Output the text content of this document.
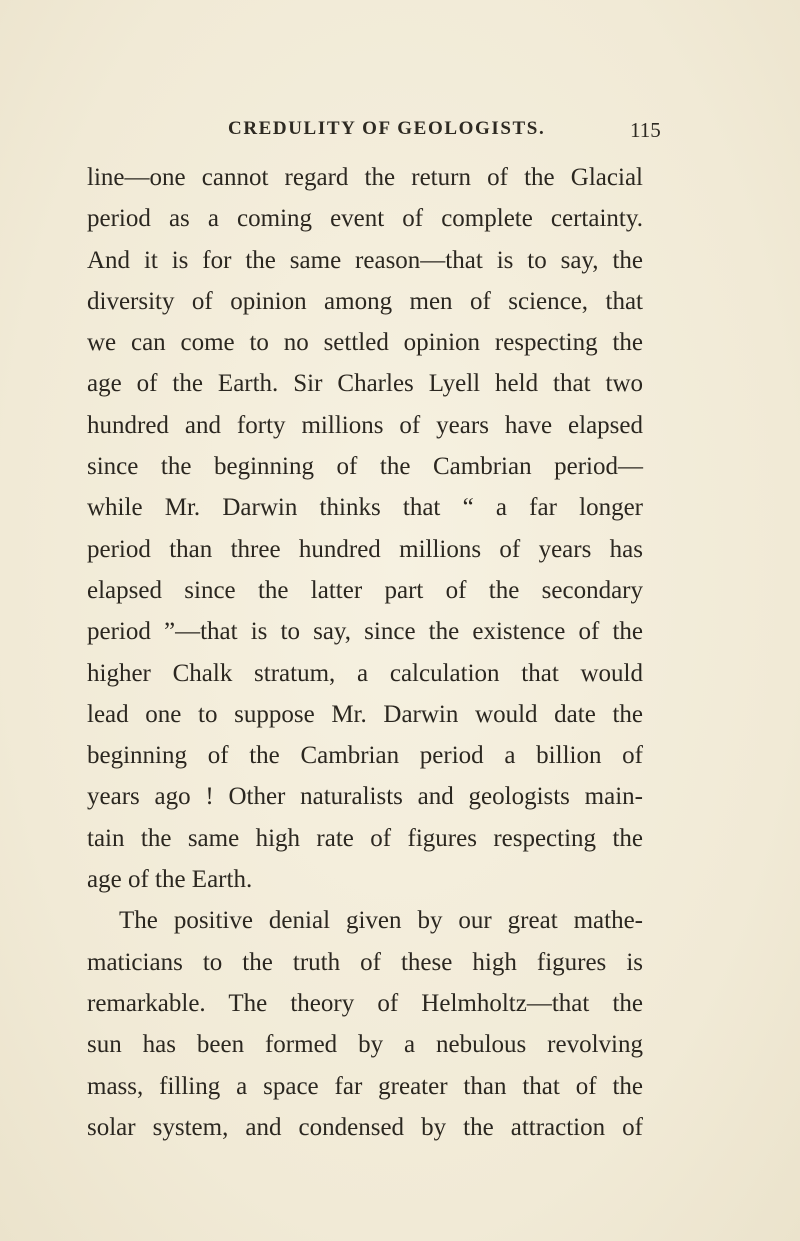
CREDULITY OF GEOLOGISTS.	115
line—one cannot regard the return of the Glacial
period as a coming event of complete certainty.
And it is for the same reason—that is to say, the
diversity of opinion among men of science, that
we can come to no settled opinion respecting the
age of the Earth. Sir Charles Lyell held that two
hundred and forty millions of years have elapsed
since the beginning of the Cambrian period—
while Mr. Darwin thinks that “ a far longer
period than three hundred millions of years has
elapsed since the latter part of the secondary
period ”—that is to say, since the existence of the
higher Chalk stratum, a calculation that would
lead one to suppose Mr. Darwin would date the
beginning of the Cambrian period a billion of
years ago ! Other naturalists and geologists main-
tain the same high rate of figures respecting the
age of the Earth.
The positive denial given by our great mathe-
maticians to the truth of these high figures is
remarkable. The theory of Helmholtz—that the
sun has been formed by a nebulous revolving
mass, filling a space far greater than that of the
solar system, and condensed by the attraction of
